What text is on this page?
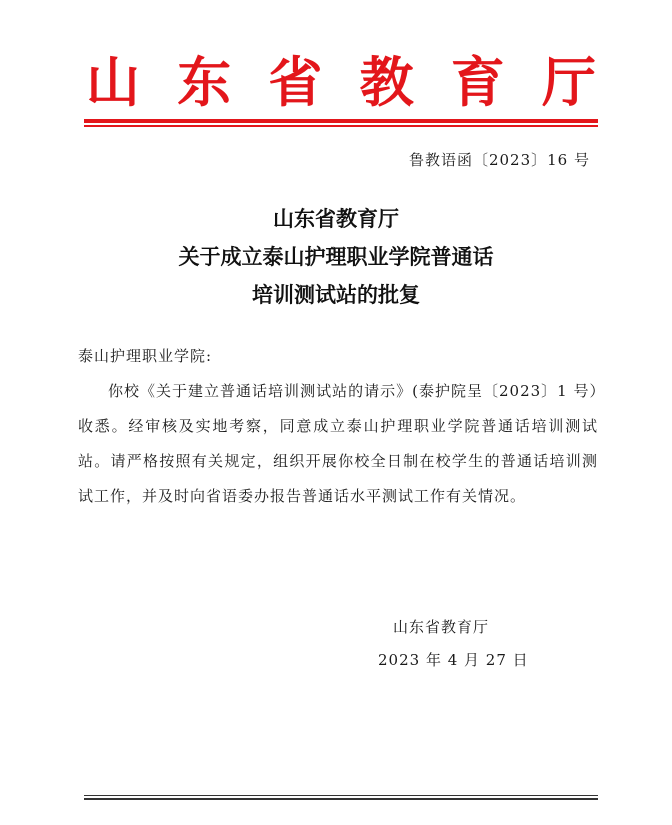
山 东 省 教 育 厅
鲁教语函〔2023〕16 号
山东省教育厅
关于成立泰山护理职业学院普通话
培训测试站的批复
泰山护理职业学院:
你校《关于建立普通话培训测试站的请示》(泰护院呈〔2023〕1 号）收悉。经审核及实地考察，同意成立泰山护理职业学院普通话培训测试站。请严格按照有关规定，组织开展你校全日制在校学生的普通话培训测试工作，并及时向省语委办报告普通话水平测试工作有关情况。
山东省教育厅
2023 年 4 月 27 日
